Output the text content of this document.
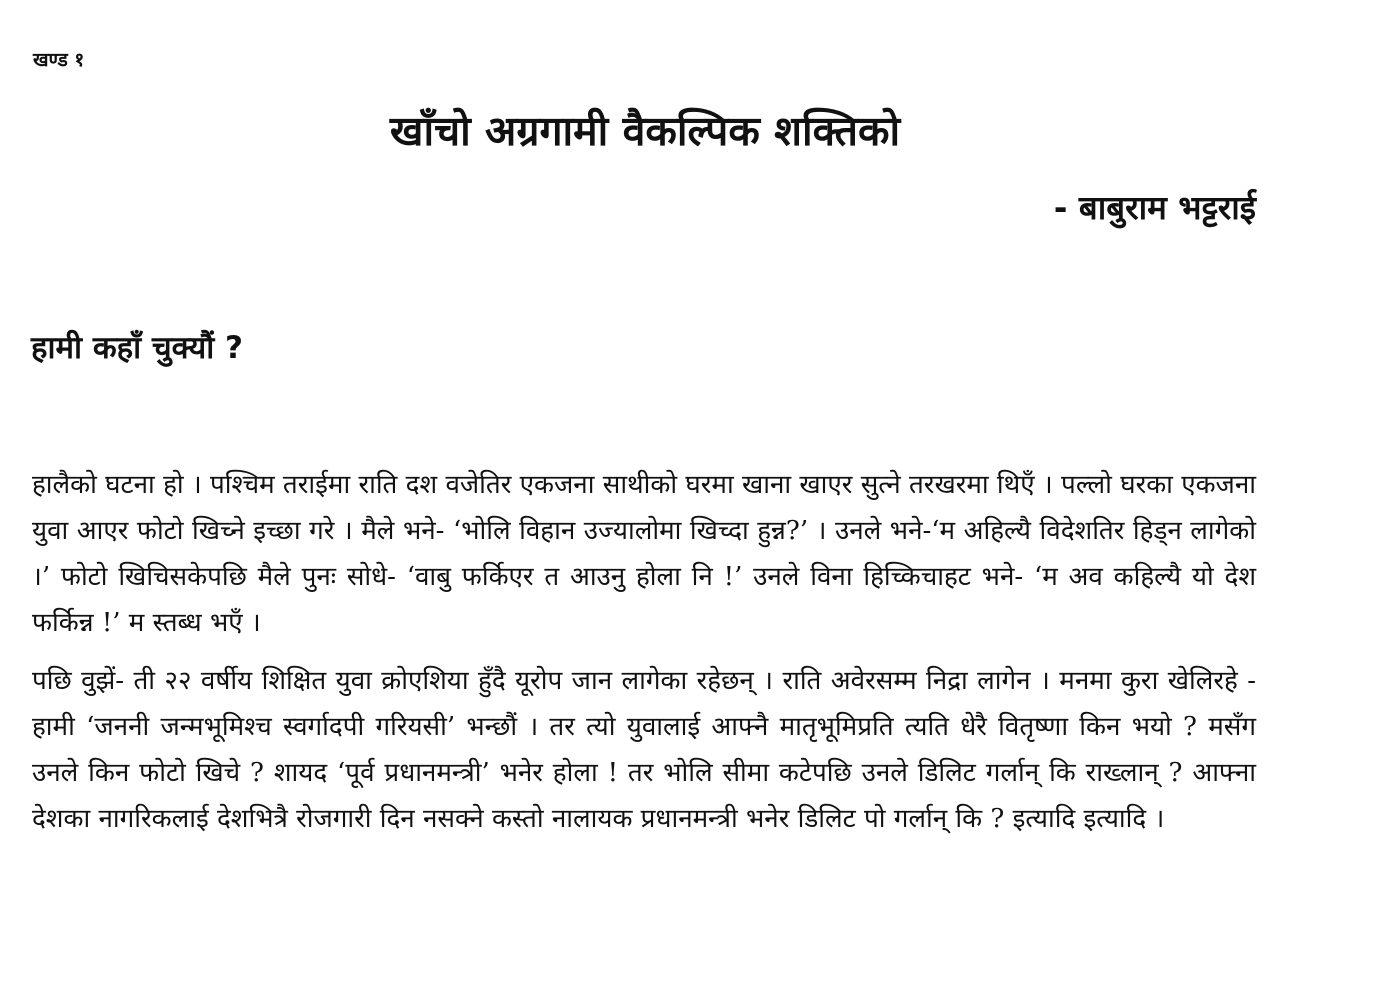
खण्ड १
खाँचो अग्रगामी वैकल्पिक शक्तिको
- बाबुराम भट्टराई
हामी कहाँ चुक्यौं ?

हालैको घटना हो । पश्चिम तराईमा राति दश वजेतिर एकजना साथीको घरमा खाना खाएर सुत्ने तरखरमा थिएँ । पल्लो घरका एकजना युवा आएर फोटो खिच्ने इच्छा गरे । मैले भने- ‘भोलि विहान उज्यालोमा खिच्दा हुन्न?’ । उनले भने-‘म अहिल्यै विदेशतिर हिड्न लागेको ।’ फोटो खिचिसकेपछि मैले पुनः सोधे- ‘वाबु फर्किएर त आउनु होला नि !’ उनले विना हिच्किचाहट भने- ‘म अव कहिल्यै यो देश फर्किन्न !’ म स्तब्ध भएँ ।

पछि वुझें- ती २२ वर्षीय शिक्षित युवा क्रोएशिया हुँदै यूरोप जान लागेका रहेछन् । राति अवेरसम्म निद्रा लागेन । मनमा कुरा खेलिरहे - हामी ‘जननी जन्मभूमिश्च स्वर्गादपी गरियसी’ भन्छौं । तर त्यो युवालाई आफ्नै मातृभूमिप्रति त्यति धेरै वितृष्णा किन भयो ? मसँग उनले किन फोटो खिचे ? शायद ‘पूर्व प्रधानमन्त्री’ भनेर होला ! तर भोलि सीमा कटेपछि उनले डिलिट गर्लान् कि राख्लान् ? आफ्ना देशका नागरिकलाई देशभित्रै रोजगारी दिन नसक्ने कस्तो नालायक प्रधानमन्त्री भनेर डिलिट पो गर्लान् कि ? इत्यादि इत्यादि ।
